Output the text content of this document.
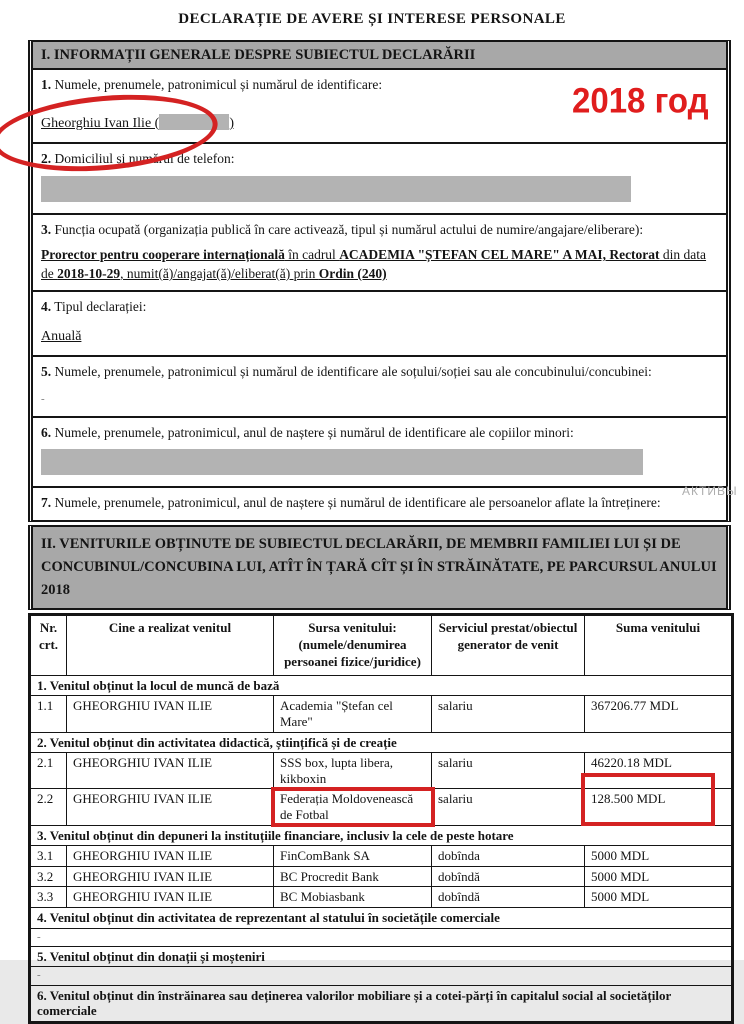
DECLARAȚIE DE AVERE ȘI INTERESE PERSONALE
2018 год
АКТИВЫ
I. INFORMAȚII GENERALE DESPRE SUBIECTUL DECLARĂRII
1. Numele, prenumele, patronimicul și numărul de identificare:
Gheorghiu Ivan Ilie (	)
2. Domiciliul și numărul de telefon:
3. Funcția ocupată (organizația publică în care activează, tipul și numărul actului de numire/angajare/eliberare):
Prorector pentru cooperare internațională în cadrul ACADEMIA "ȘTEFAN CEL MARE" A MAI, Rectorat din data de 2018-10-29, numit(ă)/angajat(ă)/eliberat(ă) prin Ordin (240)
4. Tipul declarației:
Anuală
5. Numele, prenumele, patronimicul și numărul de identificare ale soțului/soției sau ale concubinului/concubinei:
-
6. Numele, prenumele, patronimicul, anul de naștere și numărul de identificare ale copiilor minori:
7. Numele, prenumele, patronimicul, anul de naștere și numărul de identificare ale persoanelor aflate la întreținere:
II. VENITURILE OBȚINUTE DE SUBIECTUL DECLARĂRII, DE MEMBRII FAMILIEI LUI ȘI DE CONCUBINUL/CONCUBINA LUI, ATÎT ÎN ȚARĂ CÎT ȘI ÎN STRĂINĂTATE, PE PARCURSUL ANULUI 2018
Nr. crt.	Cine a realizat venitul	Sursa venitului: (numele/denumirea persoanei fizice/juridice)	Serviciul prestat/obiectul generator de venit	Suma venitului
1. Venitul obținut la locul de muncă de bază				
1.1	GHEORGHIU IVAN ILIE	Academia "Ștefan cel Mare"	salariu	367206.77 MDL
2. Venitul obținut din activitatea didactică, științifică și de creație				
2.1	GHEORGHIU IVAN ILIE	SSS box, lupta libera, kikboxin	salariu	46220.18 MDL
2.2	GHEORGHIU IVAN ILIE	Federația Moldovenească de Fotbal	salariu	128.500 MDL
3. Venitul obținut din depuneri la instituțiile financiare, inclusiv la cele de peste hotare				
3.1	GHEORGHIU IVAN ILIE	FinComBank SA	dobînda	5000 MDL
3.2	GHEORGHIU IVAN ILIE	BC Procredit Bank	dobîndă	5000 MDL
3.3	GHEORGHIU IVAN ILIE	BC Mobiasbank	dobîndă	5000 MDL
4. Venitul obținut din activitatea de reprezentant al statului în societățile comerciale				
-				
5. Venitul obținut din donații și moșteniri				
-				
6. Venitul obținut din înstrăinarea sau deținerea valorilor mobiliare și a cotei-părți în capitalul social al societăților comerciale				
